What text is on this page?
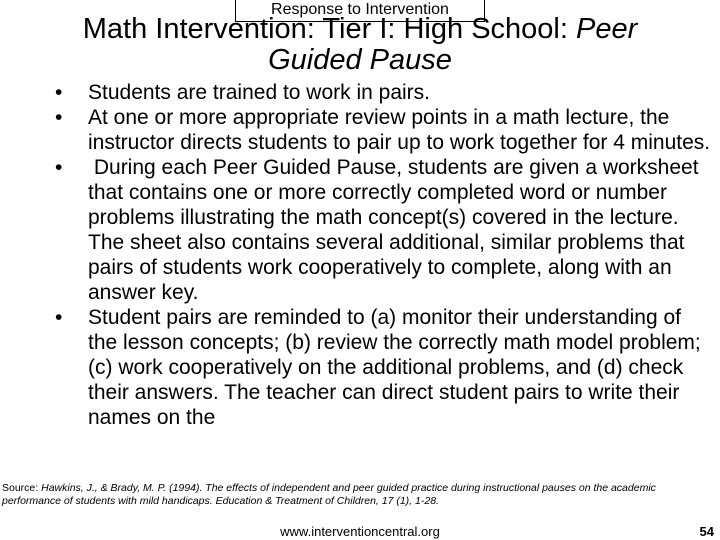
Response to Intervention
Math Intervention: Tier I: High School: Peer
Guided Pause
• Students are trained to work in pairs.
• At one or more appropriate review points in a math lecture, the instructor directs students to pair up to work together for 4 minutes.
• During each Peer Guided Pause, students are given a worksheet that contains one or more correctly completed word or number problems illustrating the math concept(s) covered in the lecture. The sheet also contains several additional, similar problems that pairs of students work cooperatively to complete, along with an answer key.
• Student pairs are reminded to (a) monitor their understanding of the lesson concepts; (b) review the correctly math model problem; (c) work cooperatively on the additional problems, and (d) check their answers. The teacher can direct student pairs to write their names on the
Source: Hawkins, J., & Brady, M. P. (1994). The effects of independent and peer guided practice during instructional pauses on the academic performance of students with mild handicaps. Education & Treatment of Children, 17 (1), 1-28.
www.interventioncentral.org	54
